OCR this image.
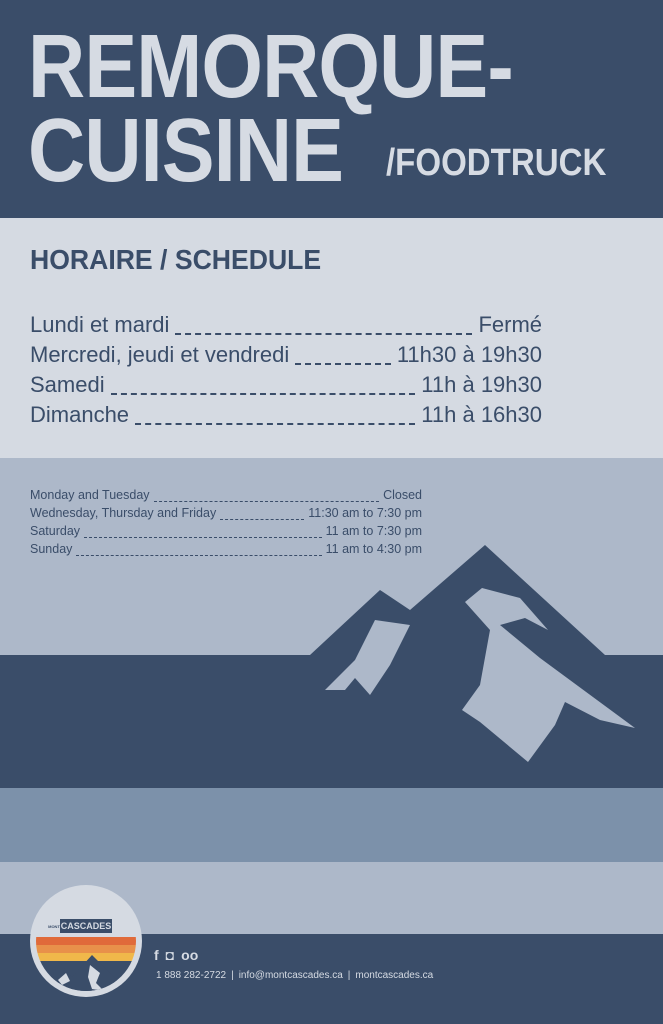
REMORQUE-
CUISINE /FOODTRUCK
HORAIRE / SCHEDULE
Lundi et mardi	Fermé
Mercredi, jeudi et vendredi	11h30 à 19h30
Samedi	11h à 19h30
Dimanche	11h à 16h30
Monday and Tuesday	Closed
Wednesday, Thursday and Friday	11:30 am to 7:30 pm
Saturday	11 am to 7:30 pm
Sunday	11 am to 4:30 pm
CASCADES
MONT
f ◘ oo
1 888 282-2722 | info@montcascades.ca | montcascades.ca
